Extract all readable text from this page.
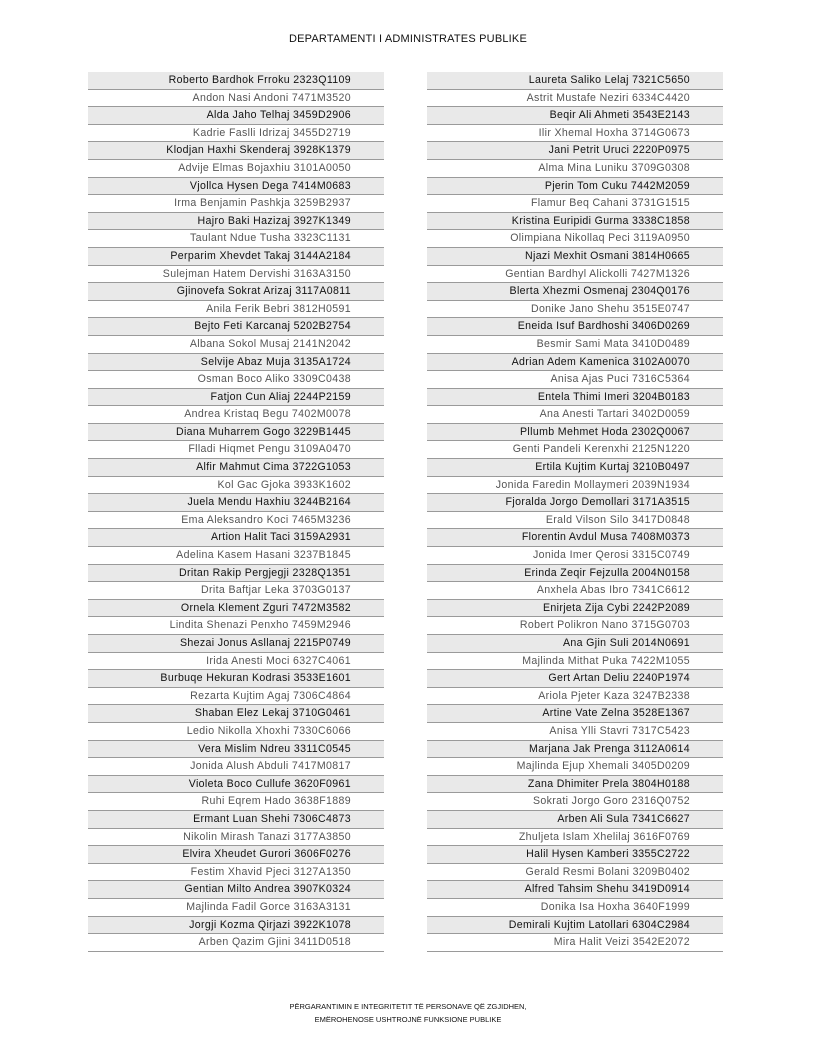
DEPARTAMENTI I ADMINISTRATES PUBLIKE
Roberto Bardhok Frroku 2323Q1109
Andon Nasi Andoni 7471M3520
Alda Jaho Telhaj 3459D2906
Kadrie Faslli Idrizaj 3455D2719
Klodjan Haxhi Skenderaj 3928K1379
Advije Elmas Bojaxhiu 3101A0050
Vjollca Hysen Dega 7414M0683
Irma Benjamin Pashkja 3259B2937
Hajro Baki Hazizaj 3927K1349
Taulant Ndue Tusha 3323C1131
Perparim Xhevdet Takaj 3144A2184
Sulejman Hatem Dervishi 3163A3150
Gjinovefa Sokrat Arizaj 3117A0811
Anila Ferik Bebri 3812H0591
Bejto Feti Karcanaj 5202B2754
Albana Sokol Musaj 2141N2042
Selvije Abaz Muja 3135A1724
Osman Boco Aliko 3309C0438
Fatjon Cun Aliaj 2244P2159
Andrea Kristaq Begu 7402M0078
Diana Muharrem Gogo 3229B1445
Flladi Hiqmet Pengu 3109A0470
Alfir Mahmut Cima 3722G1053
Kol Gac Gjoka 3933K1602
Juela Mendu Haxhiu 3244B2164
Ema Aleksandro Koci 7465M3236
Artion Halit Taci 3159A2931
Adelina Kasem Hasani 3237B1845
Dritan Rakip Pergjegji 2328Q1351
Drita Baftjar Leka 3703G0137
Ornela Klement Zguri 7472M3582
Lindita Shenazi Penxho 7459M2946
Shezai Jonus Asllanaj 2215P0749
Irida Anesti Moci 6327C4061
Burbuqe Hekuran Kodrasi 3533E1601
Rezarta Kujtim Agaj 7306C4864
Shaban Elez Lekaj 3710G0461
Ledio Nikolla Xhoxhi 7330C6066
Vera Mislim Ndreu 3311C0545
Jonida Alush Abduli 7417M0817
Violeta Boco Cullufe 3620F0961
Ruhi Eqrem Hado 3638F1889
Ermant Luan Shehi 7306C4873
Nikolin Mirash Tanazi 3177A3850
Elvira Xheudet Gurori 3606F0276
Festim Xhavid Pjeci 3127A1350
Gentian Milto Andrea 3907K0324
Majlinda Fadil Gorce 3163A3131
Jorgji Kozma Qirjazi 3922K1078
Arben Qazim Gjini 3411D0518
Laureta Saliko Lelaj 7321C5650
Astrit Mustafe Neziri 6334C4420
Beqir Ali Ahmeti 3543E2143
Ilir Xhemal Hoxha 3714G0673
Jani Petrit Uruci 2220P0975
Alma Mina Luniku 3709G0308
Pjerin Tom Cuku 7442M2059
Flamur Beq Cahani 3731G1515
Kristina Euripidi Gurma 3338C1858
Olimpiana Nikollaq Peci 3119A0950
Njazi Mexhit Osmani 3814H0665
Gentian Bardhyl Alickolli 7427M1326
Blerta Xhezmi Osmenaj 2304Q0176
Donike Jano Shehu 3515E0747
Eneida Isuf Bardhoshi 3406D0269
Besmir Sami Mata 3410D0489
Adrian Adem Kamenica 3102A0070
Anisa Ajas Puci 7316C5364
Entela Thimi Imeri 3204B0183
Ana Anesti Tartari 3402D0059
Pllumb Mehmet Hoda 2302Q0067
Genti Pandeli Kerenxhi 2125N1220
Ertila Kujtim Kurtaj 3210B0497
Jonida Faredin Mollaymeri 2039N1934
Fjoralda Jorgo Demollari 3171A3515
Erald Vilson Silo 3417D0848
Florentin Avdul Musa 7408M0373
Jonida Imer Qerosi 3315C0749
Erinda Zeqir Fejzulla 2004N0158
Anxhela Abas Ibro 7341C6612
Enirjeta Zija Cybi 2242P2089
Robert Polikron Nano 3715G0703
Ana Gjin Suli 2014N0691
Majlinda Mithat Puka 7422M1055
Gert Artan Deliu 2240P1974
Ariola Pjeter Kaza 3247B2338
Artine Vate Zelna 3528E1367
Anisa Ylli Stavri 7317C5423
Marjana Jak Prenga 3112A0614
Majlinda Ejup Xhemali 3405D0209
Zana Dhimiter Prela 3804H0188
Sokrati Jorgo Goro 2316Q0752
Arben Ali Sula 7341C6627
Zhuljeta Islam Xhelilaj 3616F0769
Halil Hysen Kamberi 3355C2722
Gerald Resmi Bolani 3209B0402
Alfred Tahsim Shehu 3419D0914
Donika Isa Hoxha 3640F1999
Demirali Kujtim Latollari 6304C2984
Mira Halit Veizi 3542E2072
PËRGARANTIMIN E INTEGRITETIT TË PERSONAVE QË ZGJIDHEN,
EMËROHENOSE USHTROJNË FUNKSIONE PUBLIKE
